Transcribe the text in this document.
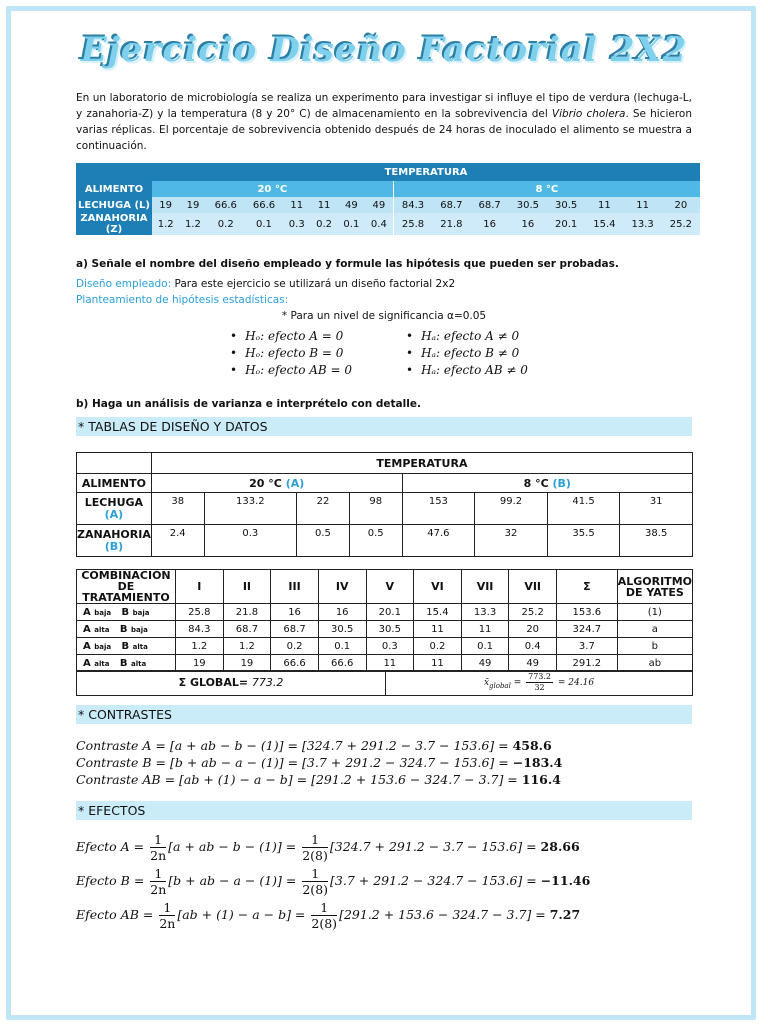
Ejercicio Diseño Factorial 2X2
En un laboratorio de microbiología se realiza un experimento para investigar si influye el tipo de verdura (lechuga-L, y zanahoria-Z) y la temperatura (8 y 20° C) de almacenamiento en la sobrevivencia del Vibrio cholera. Se hicieron varias réplicas. El porcentaje de sobrevivencia obtenido después de 24 horas de inoculado el alimento se muestra a continuación.
	TEMPERATURA															
ALIMENTO	20 °C								8 °C							
LECHUGA (L)	19	19	66.6	66.6	11	11	49	49	84.3	68.7	68.7	30.5	30.5	11	11	20
ZANAHORIA (Z)	1.2	1.2	0.2	0.1	0.3	0.2	0.1	0.4	25.8	21.8	16	16	20.1	15.4	13.3	25.2
a) Señale el nombre del diseño empleado y formule las hipótesis que pueden ser probadas.
Diseño empleado: Para este ejercicio se utilizará un diseño factorial 2x2
Planteamiento de hipótesis estadísticas:
* Para un nivel de significancia α=0.05
• Hₒ: efecto A = 0
• Hₒ: efecto B = 0
• Hₒ: efecto AB = 0
• Hₐ: efecto A ≠ 0
• Hₐ: efecto B ≠ 0
• Hₐ: efecto AB ≠ 0
b) Haga un análisis de varianza e interprételo con detalle.
* TABLAS DE DISEÑO Y DATOS
	TEMPERATURA							
ALIMENTO	20 °C (A)				8 °C (B)			
LECHUGA
(A)	38	133.2	22	98	153	99.2	41.5	31
ZANAHORIA
(B)	2.4	0.3	0.5	0.5	47.6	32	35.5	38.5
COMBINACIÓN DE TRATAMIENTO	I	II	III	IV	V	VI	VII	VII	Σ	ALGORITMO DE YATES
A baja B baja	25.8	21.8	16	16	20.1	15.4	13.3	25.2	153.6	(1)
A alta B baja	84.3	68.7	68.7	30.5	30.5	11	11	20	324.7	a
A baja B alta	1.2	1.2	0.2	0.1	0.3	0.2	0.1	0.4	3.7	b
A alta B alta	19	19	66.6	66.6	11	11	49	49	291.2	ab
Σ GLOBAL= 773.2	$x̄_{global} = \frac{773.2}{32} = 24.16$
* CONTRASTES
Contraste A = [a + ab − b − (1)] = [324.7 + 291.2 − 3.7 − 153.6] = 458.6
Contraste B = [b + ab − a − (1)] = [3.7 + 291.2 − 324.7 − 153.6] = −183.4
Contraste AB = [ab + (1) − a − b] = [291.2 + 153.6 − 324.7 − 3.7] = 116.4
* EFECTOS
Efecto $A = \frac{1}{2n} [a$ + ab − $b - (1)] = \frac{1}{2(8)} [324.7 + 291.2 - 3.7 - 153.6] = 28.66$
Efecto $B = \frac{1}{2n} [b$ + ab − $a - (1)] = \frac{1}{2(8)} [3.7 + 291.2 - 324.7 - 153.6] = -11.46$
Efecto AB = $\frac{1}{2n} [ab + (1) - a - b] = \frac{1}{2(8)} [291.2 + 153.6 - 324.7 - 3.7] = 7.27$
